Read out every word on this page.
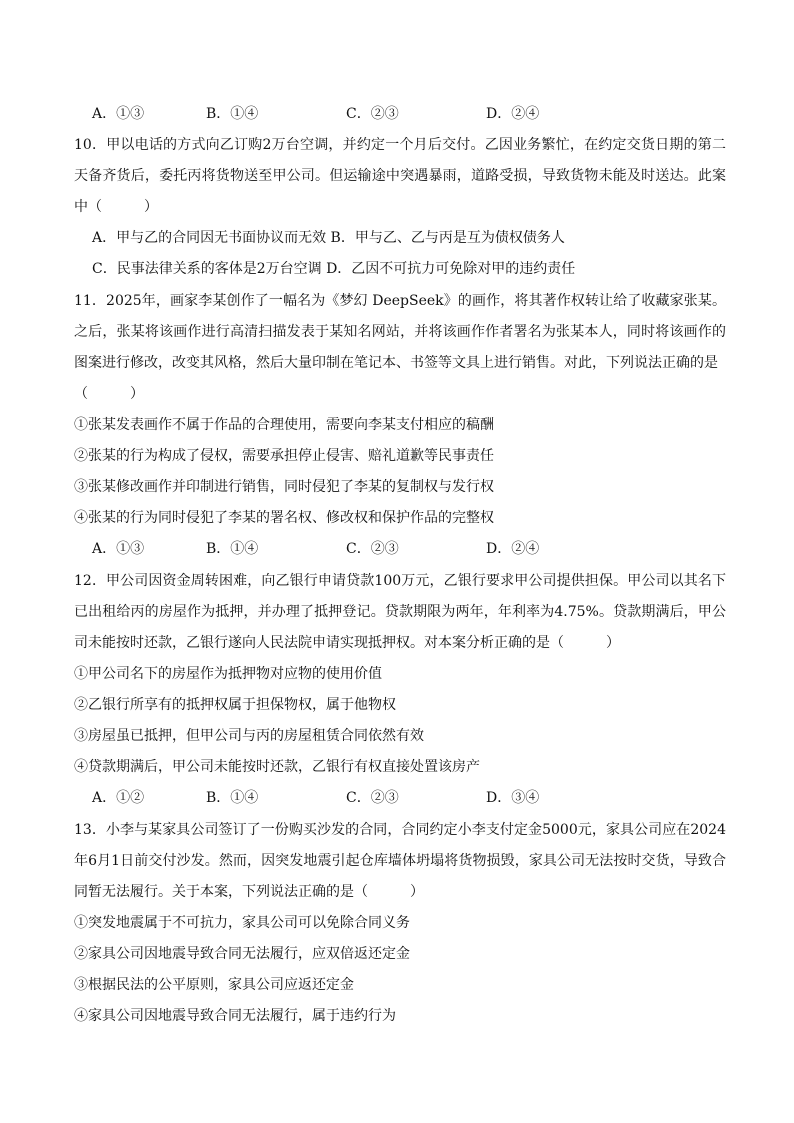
A．①③	B．①④	C．②③	D．②④
10．甲以电话的方式向乙订购2万台空调，并约定一个月后交付。乙因业务繁忙，在约定交货日期的第二天备齐货后，委托丙将货物送至甲公司。但运输途中突遇暴雨，道路受损，导致货物未能及时送达。此案中（　　　）
A．甲与乙的合同因无书面协议而无效 B．甲与乙、乙与丙是互为债权债务人
C．民事法律关系的客体是2万台空调 D．乙因不可抗力可免除对甲的违约责任
11．2025年，画家李某创作了一幅名为《梦幻 DeepSeek》的画作，将其著作权转让给了收藏家张某。之后，张某将该画作进行高清扫描发表于某知名网站，并将该画作作者署名为张某本人，同时将该画作的图案进行修改，改变其风格，然后大量印制在笔记本、书签等文具上进行销售。对此，下列说法正确的是
（　　　）
①张某发表画作不属于作品的合理使用，需要向李某支付相应的稿酬
②张某的行为构成了侵权，需要承担停止侵害、赔礼道歉等民事责任
③张某修改画作并印制进行销售，同时侵犯了李某的复制权与发行权
④张某的行为同时侵犯了李某的署名权、修改权和保护作品的完整权
A．①③	B．①④	C．②③	D．②④
12．甲公司因资金周转困难，向乙银行申请贷款100万元，乙银行要求甲公司提供担保。甲公司以其名下已出租给丙的房屋作为抵押，并办理了抵押登记。贷款期限为两年，年利率为4.75%。贷款期满后，甲公司未能按时还款，乙银行遂向人民法院申请实现抵押权。对本案分析正确的是（　　　）
①甲公司名下的房屋作为抵押物对应物的使用价值
②乙银行所享有的抵押权属于担保物权，属于他物权
③房屋虽已抵押，但甲公司与丙的房屋租赁合同依然有效
④贷款期满后，甲公司未能按时还款，乙银行有权直接处置该房产
A．①②	B．①④	C．②③	D．③④
13．小李与某家具公司签订了一份购买沙发的合同，合同约定小李支付定金5000元，家具公司应在2024年6月1日前交付沙发。然而，因突发地震引起仓库墙体坍塌将货物损毁，家具公司无法按时交货，导致合同暂无法履行。关于本案，下列说法正确的是（　　　）
①突发地震属于不可抗力，家具公司可以免除合同义务
②家具公司因地震导致合同无法履行，应双倍返还定金
③根据民法的公平原则，家具公司应返还定金
④家具公司因地震导致合同无法履行，属于违约行为
